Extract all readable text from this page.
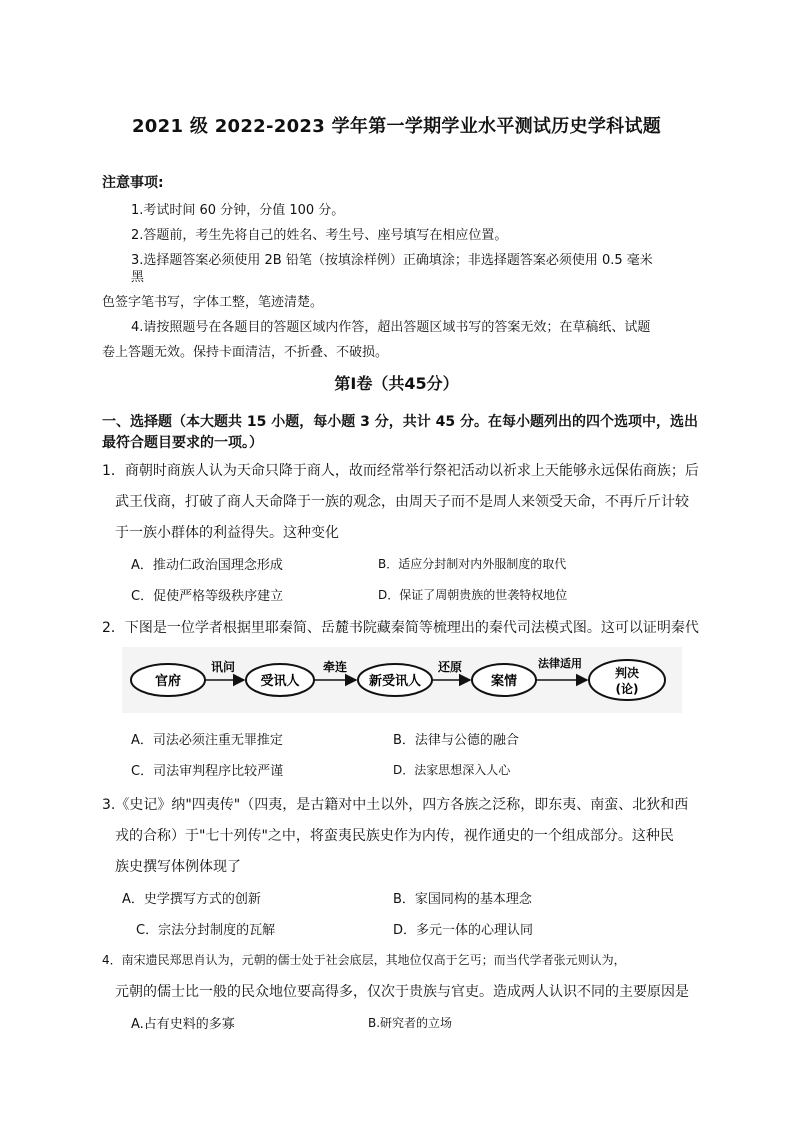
2021 级 2022-2023 学年第一学期学业水平测试历史学科试题
注意事项:
1.考试时间 60 分钟，分值 100 分。
2.答题前，考生先将自己的姓名、考生号、座号填写在相应位置。
3.选择题答案必须使用 2B 铅笔（按填涂样例）正确填涂；非选择题答案必须使用 0.5 毫米
黑
色签字笔书写，字体工整，笔迹清楚。
4.请按照题号在各题目的答题区域内作答，超出答题区域书写的答案无效；在草稿纸、试题
卷上答题无效。保持卡面清洁，不折叠、不破损。
第Ⅰ卷（共45分）
一、选择题（本大题共 15 小题，每小题 3 分，共计 45 分。在每小题列出的四个选项中，选出
最符合题目要求的一项。）
1．商朝时商族人认为天命只降于商人，故而经常举行祭祀活动以祈求上天能够永远保佑商族；后
武王伐商，打破了商人天命降于一族的观念，由周天子而不是周人来领受天命，不再斤斤计较
于一族小群体的利益得失。这种变化
A．推动仁政治国理念形成	B．适应分封制对内外服制度的取代
C．促使严格等级秩序建立	D．保证了周朝贵族的世袭特权地位
2．下图是一位学者根据里耶秦简、岳麓书院藏秦简等梳理出的秦代司法模式图。这可以证明秦代
官府	受讯人	新受讯人	案情
判决
(论)
讯问	牵连	还原	法律适用
A．司法必须注重无罪推定	B．法律与公德的融合
C．司法审判程序比较严谨	D．法家思想深入人心
3.《史记》纳"四夷传"（四夷，是古籍对中土以外，四方各族之泛称，即东夷、南蛮、北狄和西
戎的合称）于"七十列传"之中，将蛮夷民族史作为内传，视作通史的一个组成部分。这种民
族史撰写体例体现了
A．史学撰写方式的创新	B．家国同构的基本理念
C．宗法分封制度的瓦解	D．多元一体的心理认同
4．南宋遗民郑思肖认为，元朝的儒士处于社会底层，其地位仅高于乞丐；而当代学者张元则认为，
元朝的儒士比一般的民众地位要高得多，仅次于贵族与官吏。造成两人认识不同的主要原因是
A.占有史料的多寡	B.研究者的立场
